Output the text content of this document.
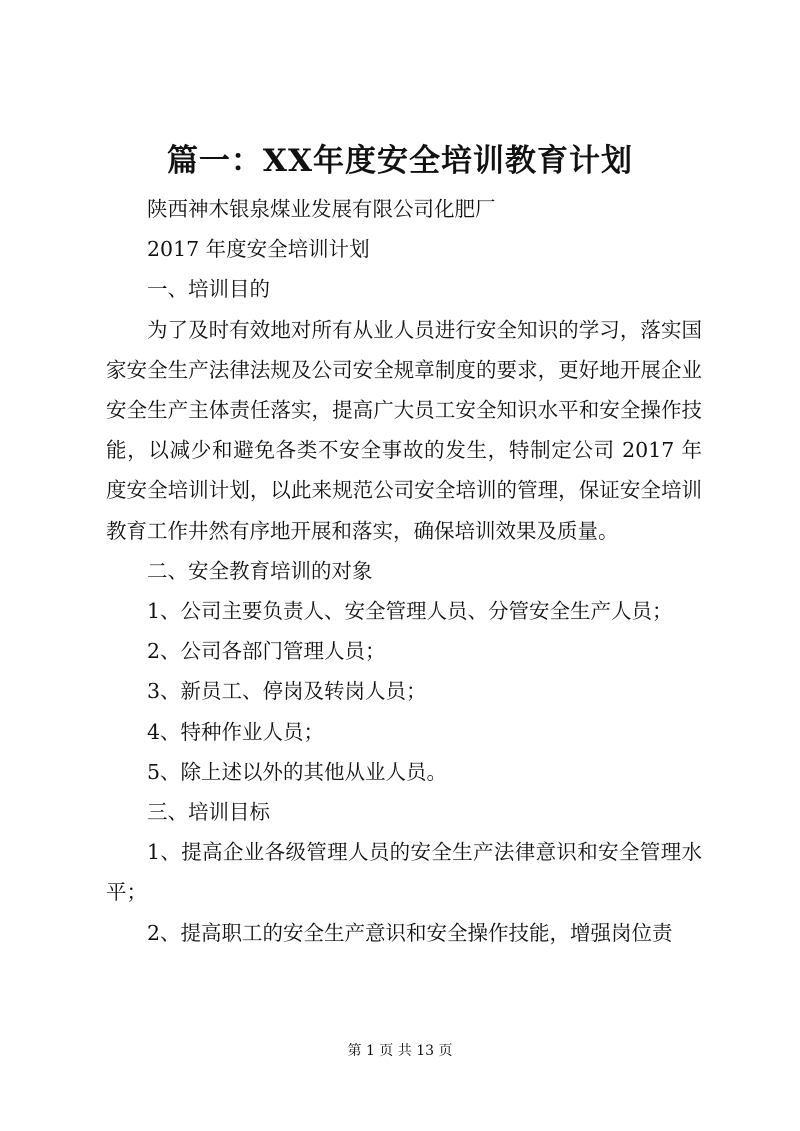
篇一：XX年度安全培训教育计划

陕西神木银泉煤业发展有限公司化肥厂

2017 年度安全培训计划

一、培训目的

为了及时有效地对所有从业人员进行安全知识的学习，落实国家安全生产法律法规及公司安全规章制度的要求，更好地开展企业安全生产主体责任落实，提高广大员工安全知识水平和安全操作技能，以减少和避免各类不安全事故的发生，特制定公司 2017 年度安全培训计划，以此来规范公司安全培训的管理，保证安全培训教育工作井然有序地开展和落实，确保培训效果及质量。

二、安全教育培训的对象

1、公司主要负责人、安全管理人员、分管安全生产人员；

2、公司各部门管理人员；

3、新员工、停岗及转岗人员；

4、特种作业人员；

5、除上述以外的其他从业人员。

三、培训目标

1、提高企业各级管理人员的安全生产法律意识和安全管理水平；

2、提高职工的安全生产意识和安全操作技能，增强岗位责

第 1 页 共 13 页
